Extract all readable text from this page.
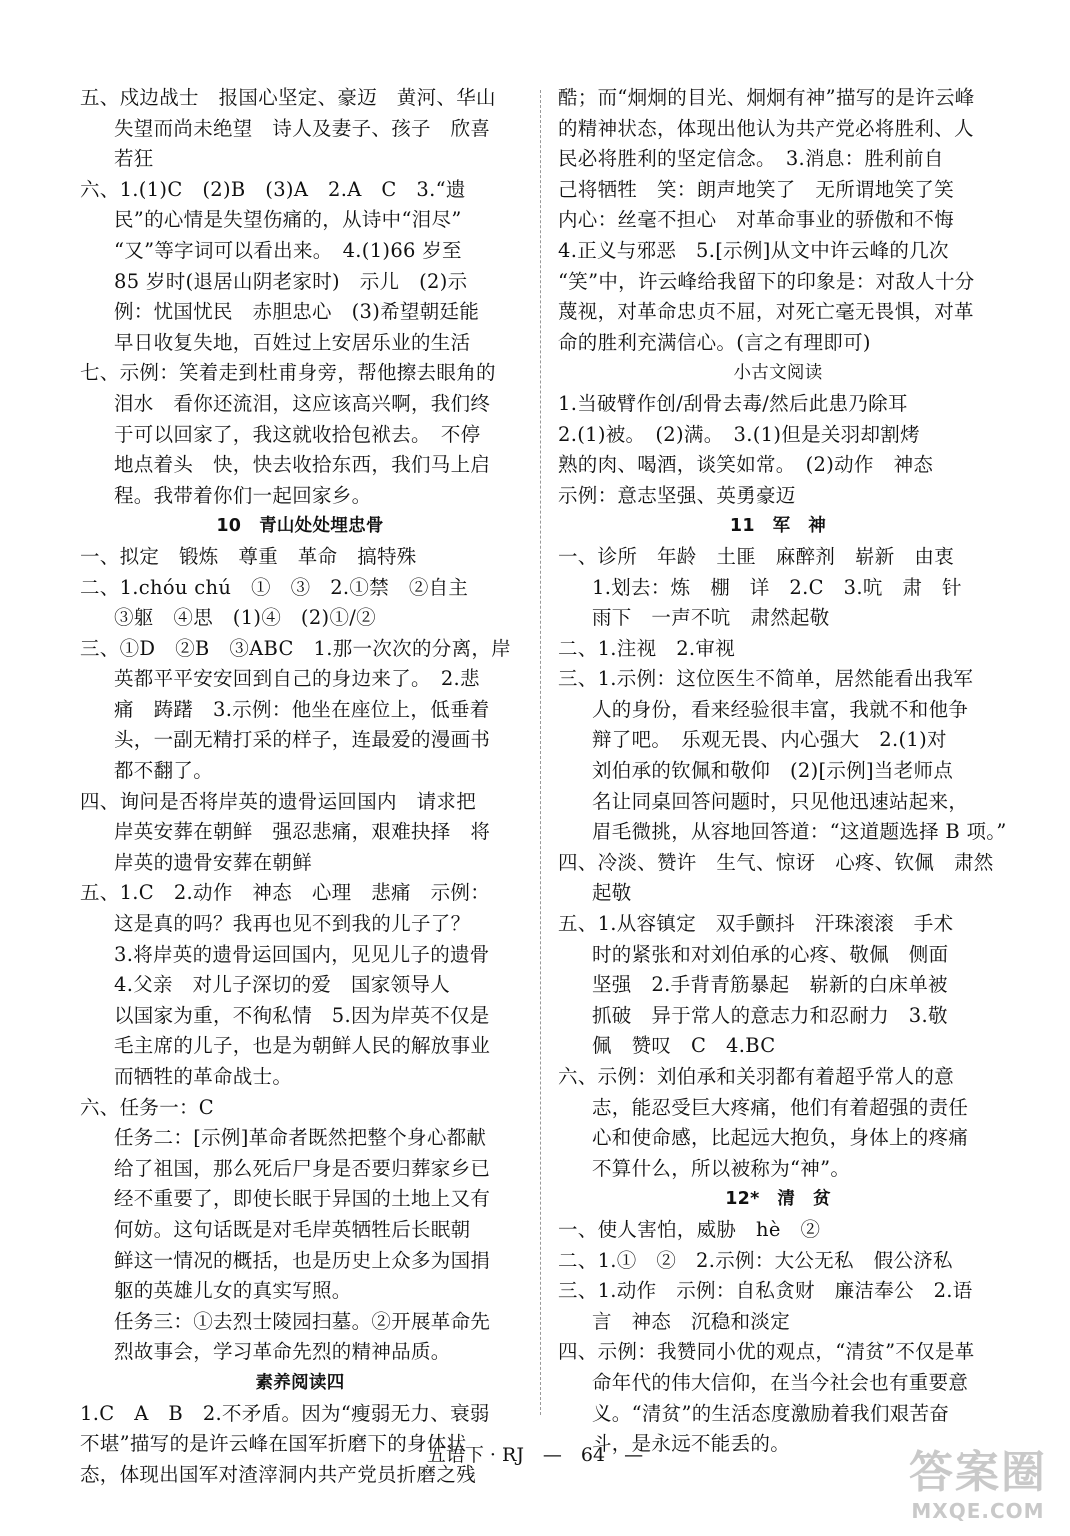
五、戍边战士　报国心坚定、豪迈　黄河、华山
失望而尚未绝望　诗人及妻子、孩子　欣喜
若狂
六、1.(1)C　(2)B　(3)A　2.A　C　3.“遗
民”的心情是失望伤痛的，从诗中“泪尽”
“又”等字词可以看出来。　4.(1)66 岁至
85 岁时(退居山阴老家时)　示儿　(2)示
例：忧国忧民　赤胆忠心　(3)希望朝廷能
早日收复失地，百姓过上安居乐业的生活
七、示例：笑着走到杜甫身旁，帮他擦去眼角的
泪水　看你还流泪，这应该高兴啊，我们终
于可以回家了，我这就收拾包袱去。　不停
地点着头　快，快去收拾东西，我们马上启
程。我带着你们一起回家乡。
10　青山处处埋忠骨
一、拟定　锻炼　尊重　革命　搞特殊
二、1.chóu chú　①　③　2.①禁　②自主
③躯　④思　(1)④　(2)①/②
三、①D　②B　③ABC　1.那一次次的分离，岸
英都平平安安回到自己的身边来了。　2.悲
痛　踌躇　3.示例：他坐在座位上，低垂着
头，一副无精打采的样子，连最爱的漫画书
都不翻了。
四、询问是否将岸英的遗骨运回国内　请求把
岸英安葬在朝鲜　强忍悲痛，艰难抉择　将
岸英的遗骨安葬在朝鲜
五、1.C　2.动作　神态　心理　悲痛　示例：
这是真的吗？我再也见不到我的儿子了？
3.将岸英的遗骨运回国内，见见儿子的遗骨
4.父亲　对儿子深切的爱　国家领导人
以国家为重，不徇私情　5.因为岸英不仅是
毛主席的儿子，也是为朝鲜人民的解放事业
而牺牲的革命战士。
六、任务一：C
任务二：[示例]革命者既然把整个身心都献
给了祖国，那么死后尸身是否要归葬家乡已
经不重要了，即使长眠于异国的土地上又有
何妨。这句话既是对毛岸英牺牲后长眠朝
鲜这一情况的概括，也是历史上众多为国捐
躯的英雄儿女的真实写照。
任务三：①去烈士陵园扫墓。②开展革命先
烈故事会，学习革命先烈的精神品质。
素养阅读四
1.C　A　B　2.不矛盾。因为“瘦弱无力、衰弱
不堪”描写的是许云峰在国军折磨下的身体状
态，体现出国军对渣滓洞内共产党员折磨之残
酷；而“炯炯的目光、炯炯有神”描写的是许云峰
的精神状态，体现出他认为共产党必将胜利、人
民必将胜利的坚定信念。　3.消息：胜利前自
己将牺牲　笑：朗声地笑了　无所谓地笑了笑
内心：丝毫不担心　对革命事业的骄傲和不悔
4.正义与邪恶　5.[示例]从文中许云峰的几次
“笑”中，许云峰给我留下的印象是：对敌人十分
蔑视，对革命忠贞不屈，对死亡毫无畏惧，对革
命的胜利充满信心。(言之有理即可)
小古文阅读
1.当破臂作创/刮骨去毒/然后此患乃除耳
2.(1)被。　(2)满。　3.(1)但是关羽却割烤
熟的肉、喝酒，谈笑如常。　(2)动作　神态
示例：意志坚强、英勇豪迈
11　军　神
一、诊所　年龄　土匪　麻醉剂　崭新　由衷
1.划去：炼　棚　详　2.C　3.吭　肃　针
雨下　一声不吭　肃然起敬
二、1.注视　2.审视
三、1.示例：这位医生不简单，居然能看出我军
人的身份，看来经验很丰富，我就不和他争
辩了吧。　乐观无畏、内心强大　2.(1)对
刘伯承的钦佩和敬仰　(2)[示例]当老师点
名让同桌回答问题时，只见他迅速站起来，
眉毛微挑，从容地回答道：“这道题选择 B 项。”
四、冷淡、赞许　生气、惊讶　心疼、钦佩　肃然
起敬
五、1.从容镇定　双手颤抖　汗珠滚滚　手术
时的紧张和对刘伯承的心疼、敬佩　侧面
坚强　2.手背青筋暴起　崭新的白床单被
抓破　异于常人的意志力和忍耐力　3.敬
佩　赞叹　C　4.BC
六、示例：刘伯承和关羽都有着超乎常人的意
志，能忍受巨大疼痛，他们有着超强的责任
心和使命感，比起远大抱负，身体上的疼痛
不算什么，所以被称为“神”。
12*　清　贫
一、使人害怕，威胁　hè　②
二、1.①　②　2.示例：大公无私　假公济私
三、1.动作　示例：自私贪财　廉洁奉公　2.语
言　神态　沉稳和淡定
四、示例：我赞同小优的观点，“清贫”不仅是革
命年代的伟大信仰，在当今社会也有重要意
义。“清贫”的生活态度激励着我们艰苦奋
斗，是永远不能丢的。
五语下 · RJ　—　64　—	答案圈
MXQE.COM
